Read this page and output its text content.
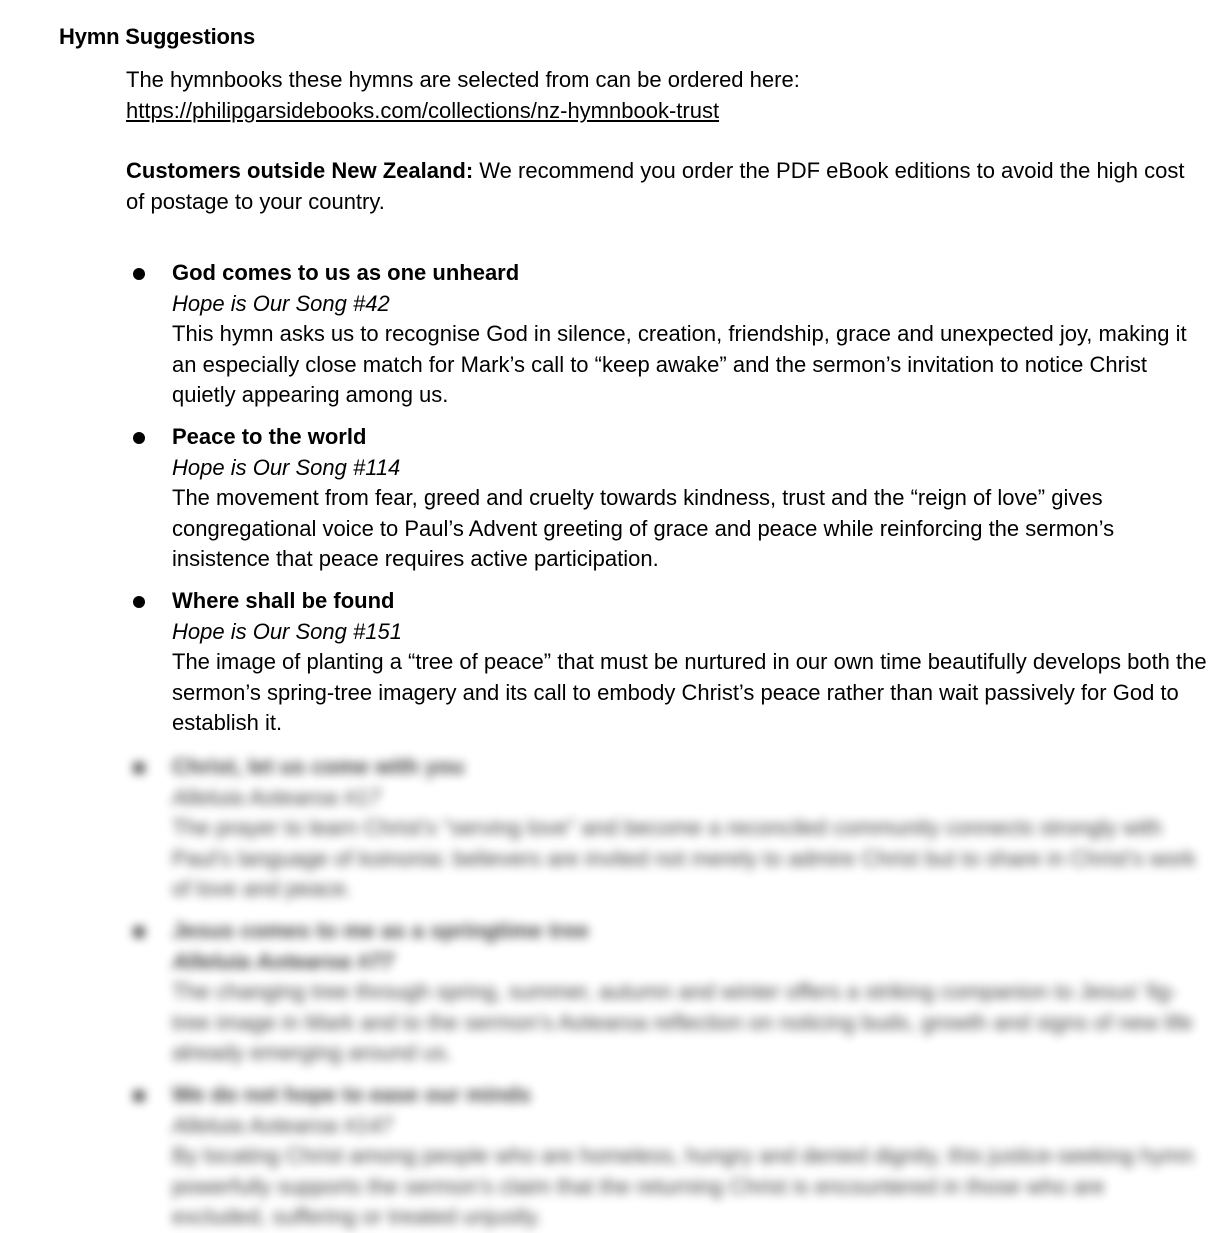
Hymn Suggestions
The hymnbooks these hymns are selected from can be ordered here:
https://philipgarsidebooks.com/collections/nz-hymnbook-trust
Customers outside New Zealand: We recommend you order the PDF eBook editions to avoid the high cost of postage to your country.
God comes to us as one unheard
Hope is Our Song #42
This hymn asks us to recognise God in silence, creation, friendship, grace and unexpected joy, making it an especially close match for Mark’s call to “keep awake” and the sermon’s invitation to notice Christ quietly appearing among us.
Peace to the world
Hope is Our Song #114
The movement from fear, greed and cruelty towards kindness, trust and the “reign of love” gives congregational voice to Paul’s Advent greeting of grace and peace while reinforcing the sermon’s insistence that peace requires active participation.
Where shall be found
Hope is Our Song #151
The image of planting a “tree of peace” that must be nurtured in our own time beautifully develops both the sermon’s spring-tree imagery and its call to embody Christ’s peace rather than wait passively for God to establish it.
Christ, let us come with you
Alleluia Aotearoa #17
The prayer to learn Christ’s “serving love” and become a reconciled community connects strongly with Paul’s language of koinonia: believers are invited not merely to admire Christ but to share in Christ’s work of love and peace.
Jesus comes to me as a springtime tree
Alleluia Aotearoa #77
The changing tree through spring, summer, autumn and winter offers a striking companion to Jesus’ fig-tree image in Mark and to the sermon’s Aotearoa reflection on noticing buds, growth and signs of new life already emerging around us.
We do not hope to ease our minds
Alleluia Aotearoa #147
By locating Christ among people who are homeless, hungry and denied dignity, this justice-seeking hymn powerfully supports the sermon’s claim that the returning Christ is encountered in those who are excluded, suffering or treated unjustly.
